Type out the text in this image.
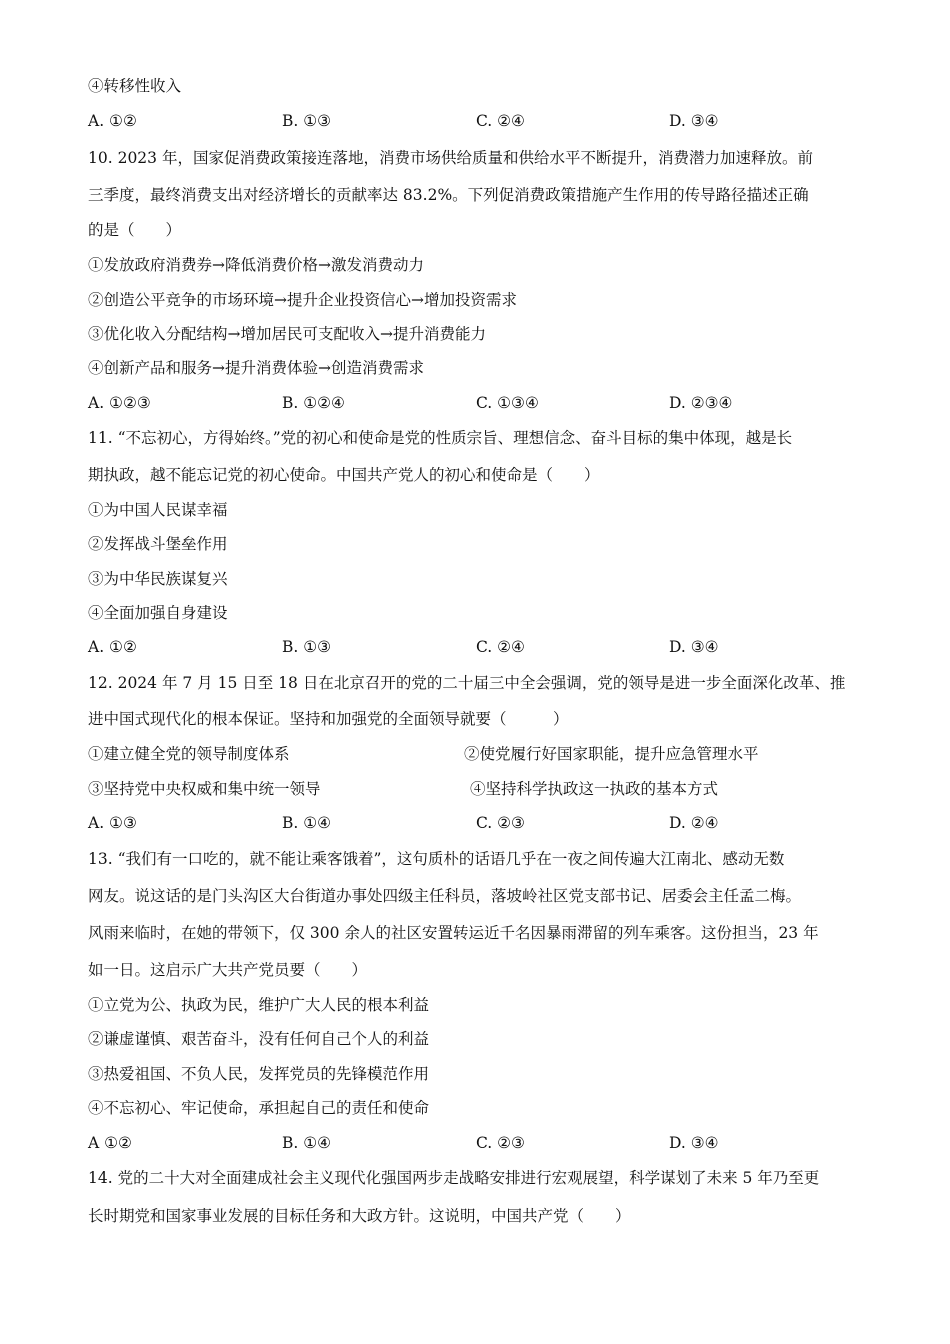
④转移性收入
A. ①②	B. ①③	C. ②④	D. ③④
10. 2023 年，国家促消费政策接连落地，消费市场供给质量和供给水平不断提升，消费潜力加速释放。前
三季度，最终消费支出对经济增长的贡献率达 83.2%。下列促消费政策措施产生作用的传导路径描述正确
的是（　　）
①发放政府消费券→降低消费价格→激发消费动力
②创造公平竞争的市场环境→提升企业投资信心→增加投资需求
③优化收入分配结构→增加居民可支配收入→提升消费能力
④创新产品和服务→提升消费体验→创造消费需求
A. ①②③	B. ①②④	C. ①③④	D. ②③④
11. “不忘初心，方得始终。”党的初心和使命是党的性质宗旨、理想信念、奋斗目标的集中体现，越是长
期执政，越不能忘记党的初心使命。中国共产党人的初心和使命是（　　）
①为中国人民谋幸福
②发挥战斗堡垒作用
③为中华民族谋复兴
④全面加强自身建设
A. ①②	B. ①③	C. ②④	D. ③④
12. 2024 年 7 月 15 日至 18 日在北京召开的党的二十届三中全会强调，党的领导是进一步全面深化改革、推
进中国式现代化的根本保证。坚持和加强党的全面领导就要（　　　）
①建立健全党的领导制度体系	②使党履行好国家职能，提升应急管理水平
③坚持党中央权威和集中统一领导	④坚持科学执政这一执政的基本方式
A. ①③	B. ①④	C. ②③	D. ②④
13. “我们有一口吃的，就不能让乘客饿着”，这句质朴的话语几乎在一夜之间传遍大江南北、感动无数
网友。说这话的是门头沟区大台街道办事处四级主任科员，落坡岭社区党支部书记、居委会主任孟二梅。
风雨来临时，在她的带领下，仅 300 余人的社区安置转运近千名因暴雨滞留的列车乘客。这份担当，23 年
如一日。这启示广大共产党员要（　　）
①立党为公、执政为民，维护广大人民的根本利益
②谦虚谨慎、艰苦奋斗，没有任何自己个人的利益
③热爱祖国、不负人民，发挥党员的先锋模范作用
④不忘初心、牢记使命，承担起自己的责任和使命
A ①②	B. ①④	C. ②③	D. ③④
14. 党的二十大对全面建成社会主义现代化强国两步走战略安排进行宏观展望，科学谋划了未来 5 年乃至更
长时期党和国家事业发展的目标任务和大政方针。这说明，中国共产党（　　）
